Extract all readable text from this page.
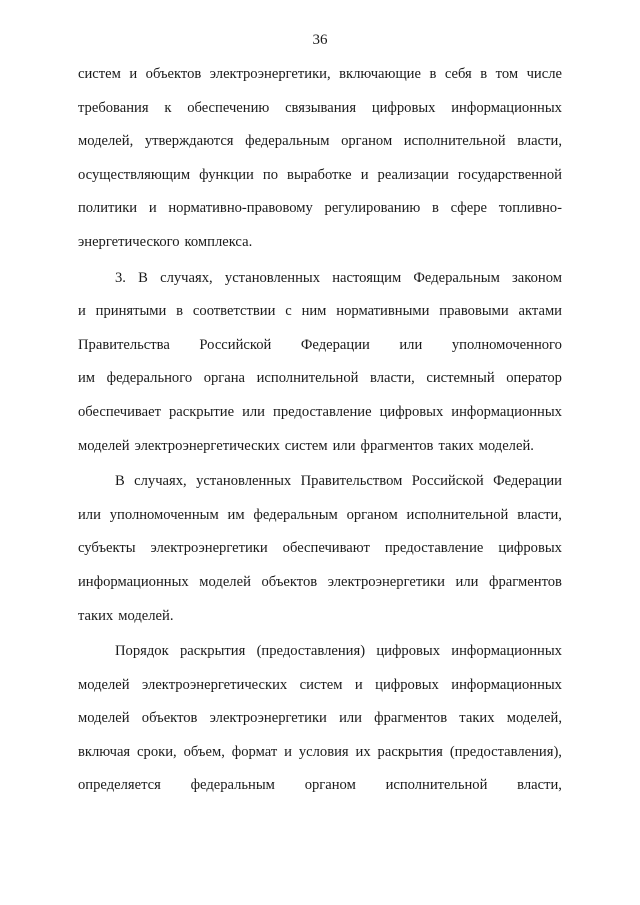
36
систем и объектов электроэнергетики, включающие в себя в том числе
требования к обеспечению связывания цифровых информационных
моделей, утверждаются федеральным органом исполнительной власти,
осуществляющим функции по выработке и реализации государственной
политики и нормативно-правовому регулированию в сфере топливно-
энергетического комплекса.
3. В случаях, установленных настоящим Федеральным законом
и принятыми в соответствии с ним нормативными правовыми актами
Правительства Российской Федерации или уполномоченного
им федерального органа исполнительной власти, системный оператор
обеспечивает раскрытие или предоставление цифровых информационных
моделей электроэнергетических систем или фрагментов таких моделей.
В случаях, установленных Правительством Российской Федерации
или уполномоченным им федеральным органом исполнительной власти,
субъекты электроэнергетики обеспечивают предоставление цифровых
информационных моделей объектов электроэнергетики или фрагментов
таких моделей.
Порядок раскрытия (предоставления) цифровых информационных
моделей электроэнергетических систем и цифровых информационных
моделей объектов электроэнергетики или фрагментов таких моделей,
включая сроки, объем, формат и условия их раскрытия (предоставления),
определяется федеральным органом исполнительной власти,
